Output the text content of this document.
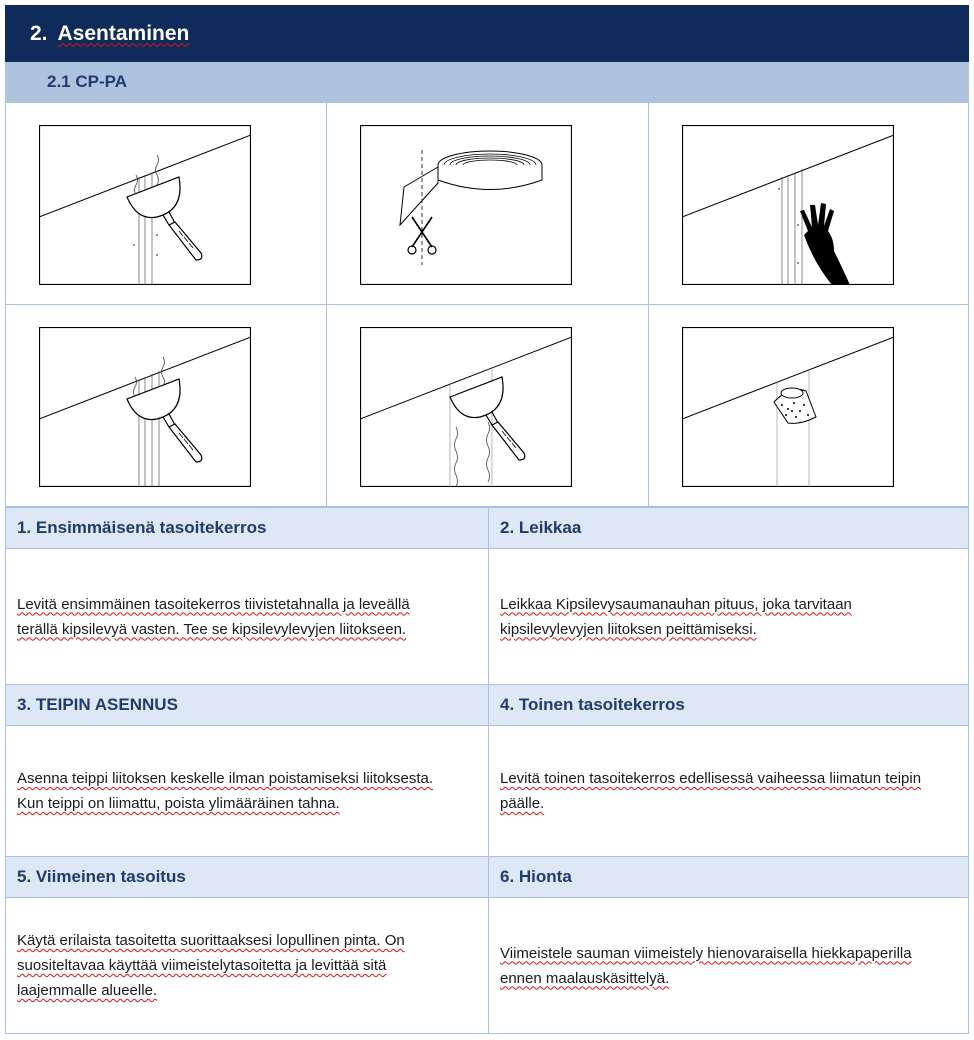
2. Asentaminen
2.1 CP-PA
1. Ensimmäisenä tasoitekerros	2. Leikkaa
Levitä ensimmäinen tasoitekerros tiivistetahnalla ja leveällä terällä kipsilevyä vasten. Tee se kipsilevylevyjen liitokseen.
Leikkaa Kipsilevysaumanauhan pituus, joka tarvitaan kipsilevylevyjen liitoksen peittämiseksi.
3. TEIPIN ASENNUS	4. Toinen tasoitekerros
Asenna teippi liitoksen keskelle ilman poistamiseksi liitoksesta. Kun teippi on liimattu, poista ylimääräinen tahna.
Levitä toinen tasoitekerros edellisessä vaiheessa liimatun teipin päälle.
5. Viimeinen tasoitus	6. Hionta
Käytä erilaista tasoitetta suorittaaksesi lopullinen pinta. On suositeltavaa käyttää viimeistelytasoitetta ja levittää sitä laajemmalle alueelle.
Viimeistele sauman viimeistely hienovaraisella hiekkapaperilla ennen maalauskäsittelyä.
